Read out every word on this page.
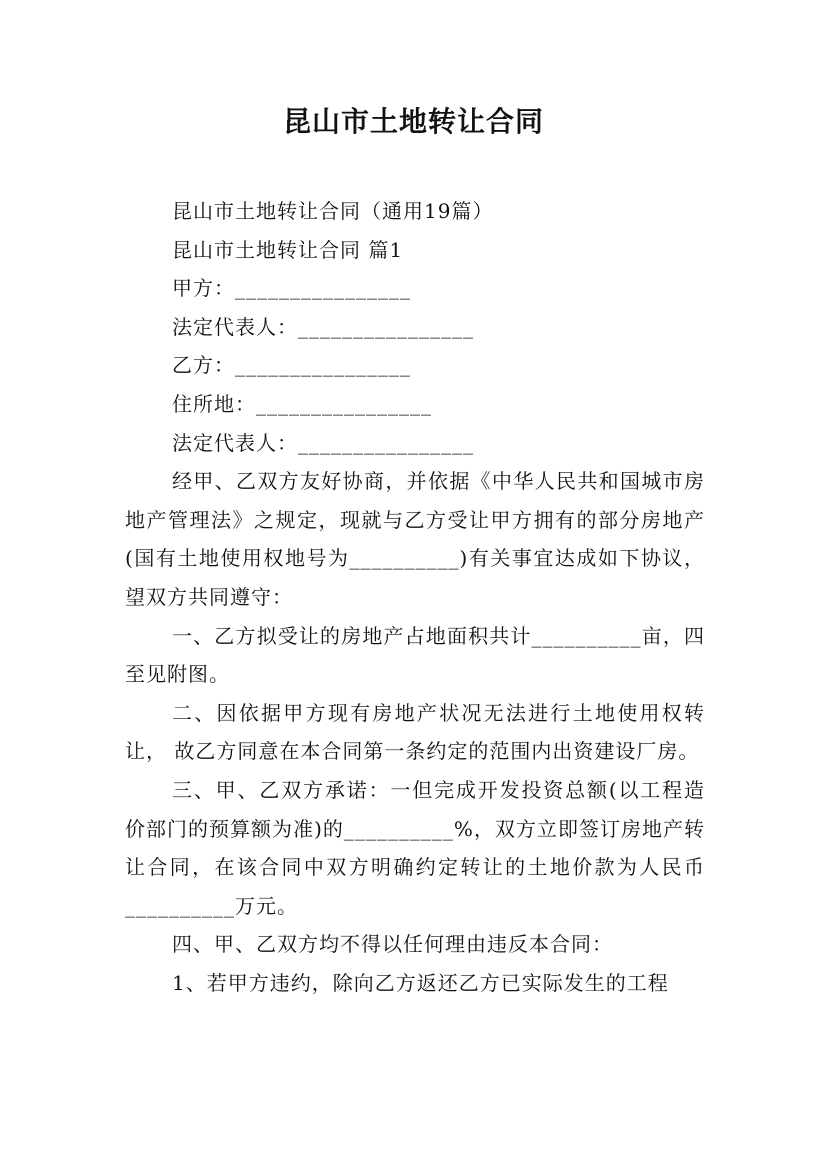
昆山市土地转让合同
昆山市土地转让合同（通用19篇）
昆山市土地转让合同 篇1
甲方：________________
法定代表人：________________
乙方：________________
住所地：________________
法定代表人：________________

经甲、乙双方友好协商，并依据《中华人民共和国城市房地产管理法》之规定，现就与乙方受让甲方拥有的部分房地产(国有土地使用权地号为__________)有关事宜达成如下协议，望双方共同遵守：

一、乙方拟受让的房地产占地面积共计__________亩，四至见附图。

二、因依据甲方现有房地产状况无法进行土地使用权转让， 故乙方同意在本合同第一条约定的范围内出资建设厂房。

三、甲、乙双方承诺：一但完成开发投资总额(以工程造价部门的预算额为准)的__________%，双方立即签订房地产转让合同，在该合同中双方明确约定转让的土地价款为人民币__________万元。

四、甲、乙双方均不得以任何理由违反本合同：

1、若甲方违约，除向乙方返还乙方已实际发生的工程
